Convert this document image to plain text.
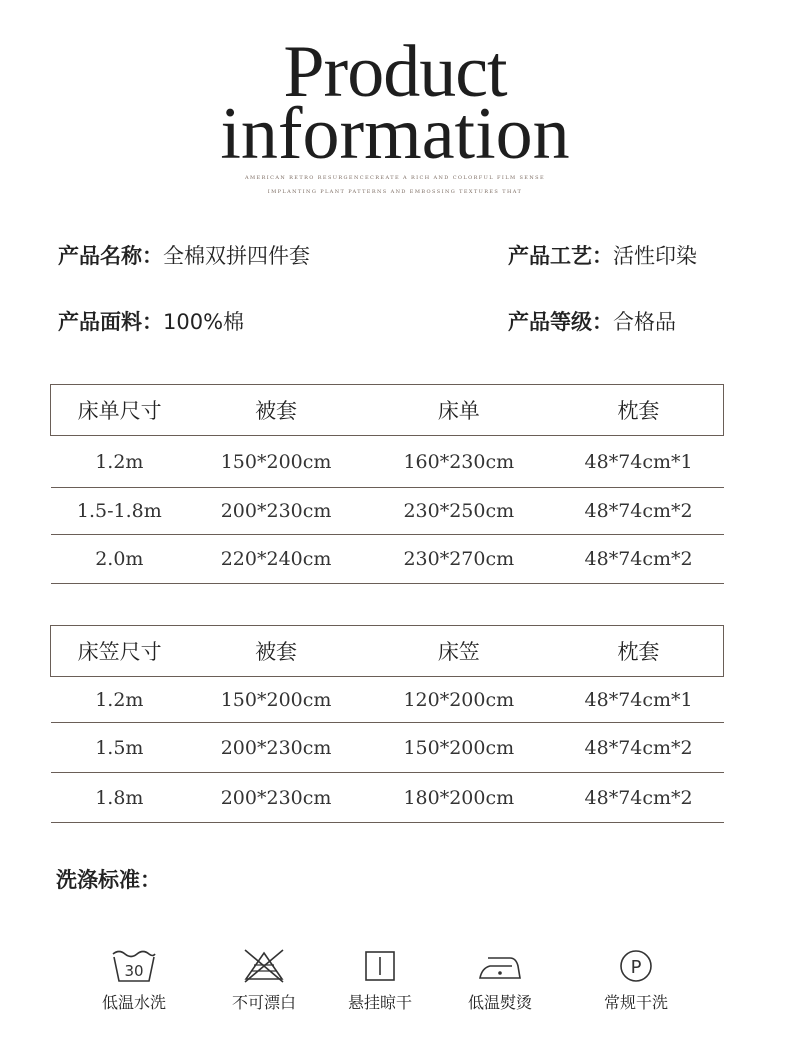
Product
information
AMERICAN RETRO RESURGENCECREATE A RICH AND COLORFUL FILM SENSE
IMPLANTING PLANT PATTERNS AND EMBOSSING TEXTURES THAT
产品名称：全棉双拼四件套	产品工艺：活性印染
产品面料：100%棉	产品等级：合格品
床单尺寸	被套	床单	枕套
1.2m	150*200cm	160*230cm	48*74cm*1
1.5-1.8m	200*230cm	230*250cm	48*74cm*2
2.0m	220*240cm	230*270cm	48*74cm*2
床笠尺寸	被套	床笠	枕套
1.2m	150*200cm	120*200cm	48*74cm*1
1.5m	200*230cm	150*200cm	48*74cm*2
1.8m	200*230cm	180*200cm	48*74cm*2
洗涤标准：
30
低温水洗	不可漂白	悬挂晾干	低温熨烫
P
常规干洗
